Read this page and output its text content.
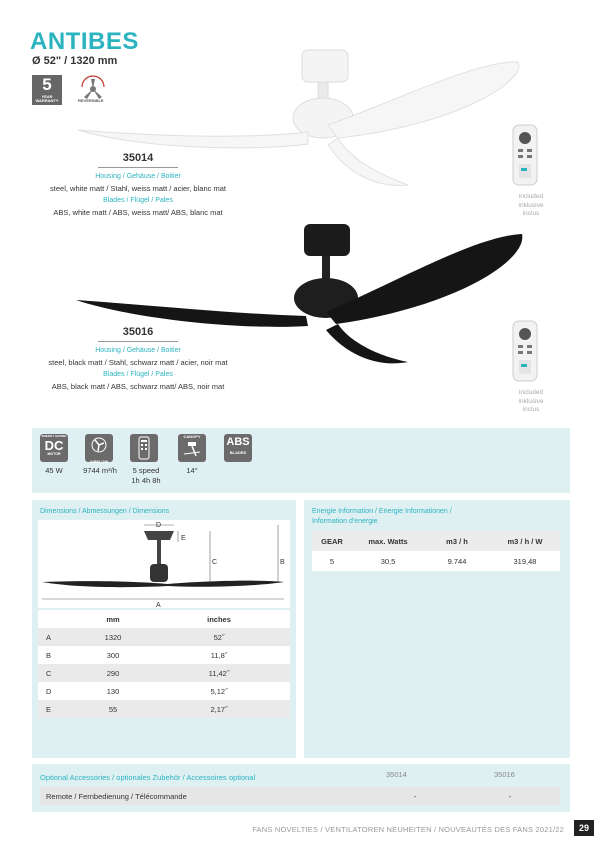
ANTIBES
Ø 52" / 1320 mm
5
YEAR WARRANTY	REVERSIBLE
35014
Housing / Gehäuse / Boitier
steel, white matt / Stahl, weiss matt / acier, blanc mat
Blades / Flügel / Pales
ABS, white matt / ABS, weiss matt/ ABS, blanc mat
included
inklusive
inclus
35016
Housing / Gehäuse / Boitier
steel, black matt / Stahl, schwarz matt / acier, noir mat
Blades / Flügel / Pales
ABS, black matt / ABS, schwarz matt/ ABS, noir mat
included
inklusive
inclus
ENERGY SAVING
DC
MOTOR
AIRFLOW
CANOPY	ABS
BLADES
45 W	9744 m³/h	5 speed
1h 4h 8h
14°
Dimensions / Abmessungen / Dimensions
D
E
C	B
A
mm	inches
A	1320	52˝
B	300	11,8˝
C	290	11,42˝
D	130	5,12˝
E	55	2,17˝
Energie Information / Energie Informationen /
Information d'energie
GEAR	max. Watts	m3 / h	m3 / h / W
5	30,5	9.744	319,48
Optional Accessories / optionales Zubehör / Accessoires optional	35014	35016
Remote / Fernbedienung / Télécommande	-	-
FANS NOVELTIES / VENTILATOREN NEUHEITEN / NOUVEAUTÉS DES FANS 2021/22	29
